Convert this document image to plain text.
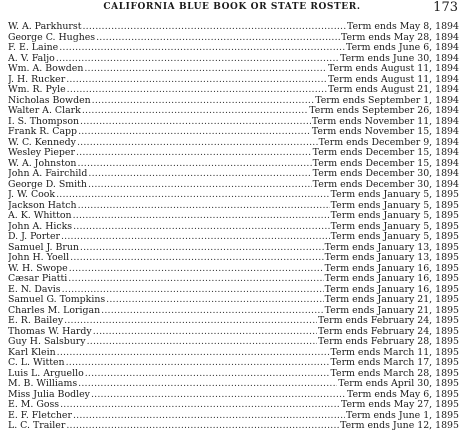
CALIFORNIA BLUE BOOK OR STATE ROSTER.	173
W. A. Parkhurst .....	Term ends May 8, 1894
George C. Hughes .....	Term ends May 28, 1894
F. E. Laine .....	Term ends June 6, 1894
A. V. Faljo .....	Term ends June 30, 1894
Wm. A. Bowden .....	Term ends August 11, 1894
J. H. Rucker .....	Term ends August 11, 1894
Wm. R. Pyle .....	Term ends August 21, 1894
Nicholas Bowden .....	Term ends September 1, 1894
Walter A. Clark .....	Term ends September 26, 1894
I. S. Thompson .....	Term ends November 11, 1894
Frank R. Capp .....	Term ends November 15, 1894
W. C. Kennedy .....	Term ends December 9, 1894
Wesley Pieper .....	Term ends December 15, 1894
W. A. Johnston .....	Term ends December 15, 1894
John A. Fairchild .....	Term ends December 30, 1894
George D. Smith .....	Term ends December 30, 1894
J. W. Cook .....	Term ends January 5, 1895
Jackson Hatch .....	Term ends January 5, 1895
A. K. Whitton .....	Term ends January 5, 1895
John A. Hicks .....	Term ends January 5, 1895
D. J. Porter .....	Term ends January 5, 1895
Samuel J. Brun .....	Term ends January 13, 1895
John H. Yoell .....	Term ends January 13, 1895
W. H. Swope .....	Term ends January 16, 1895
Cæsar Piatti .....	Term ends January 16, 1895
E. N. Davis .....	Term ends January 16, 1895
Samuel G. Tompkins .....	Term ends January 21, 1895
Charles M. Lorigan .....	Term ends January 21, 1895
E. R. Bailey .....	Term ends February 24, 1895
Thomas W. Hardy .....	Term ends February 24, 1895
Guy H. Salsbury .....	Term ends February 28, 1895
Karl Klein .....	Term ends March 11, 1895
C. L. Witten .....	Term ends March 17, 1895
Luis L. Arguello .....	Term ends March 28, 1895
M. B. Williams .....	Term ends April 30, 1895
Miss Julia Bodley .....	Term ends May 6, 1895
E. M. Goss .....	Term ends May 27, 1895
E. F. Fletcher .....	Term ends June 1, 1895
L. C. Trailer .....	Term ends June 12, 1895
